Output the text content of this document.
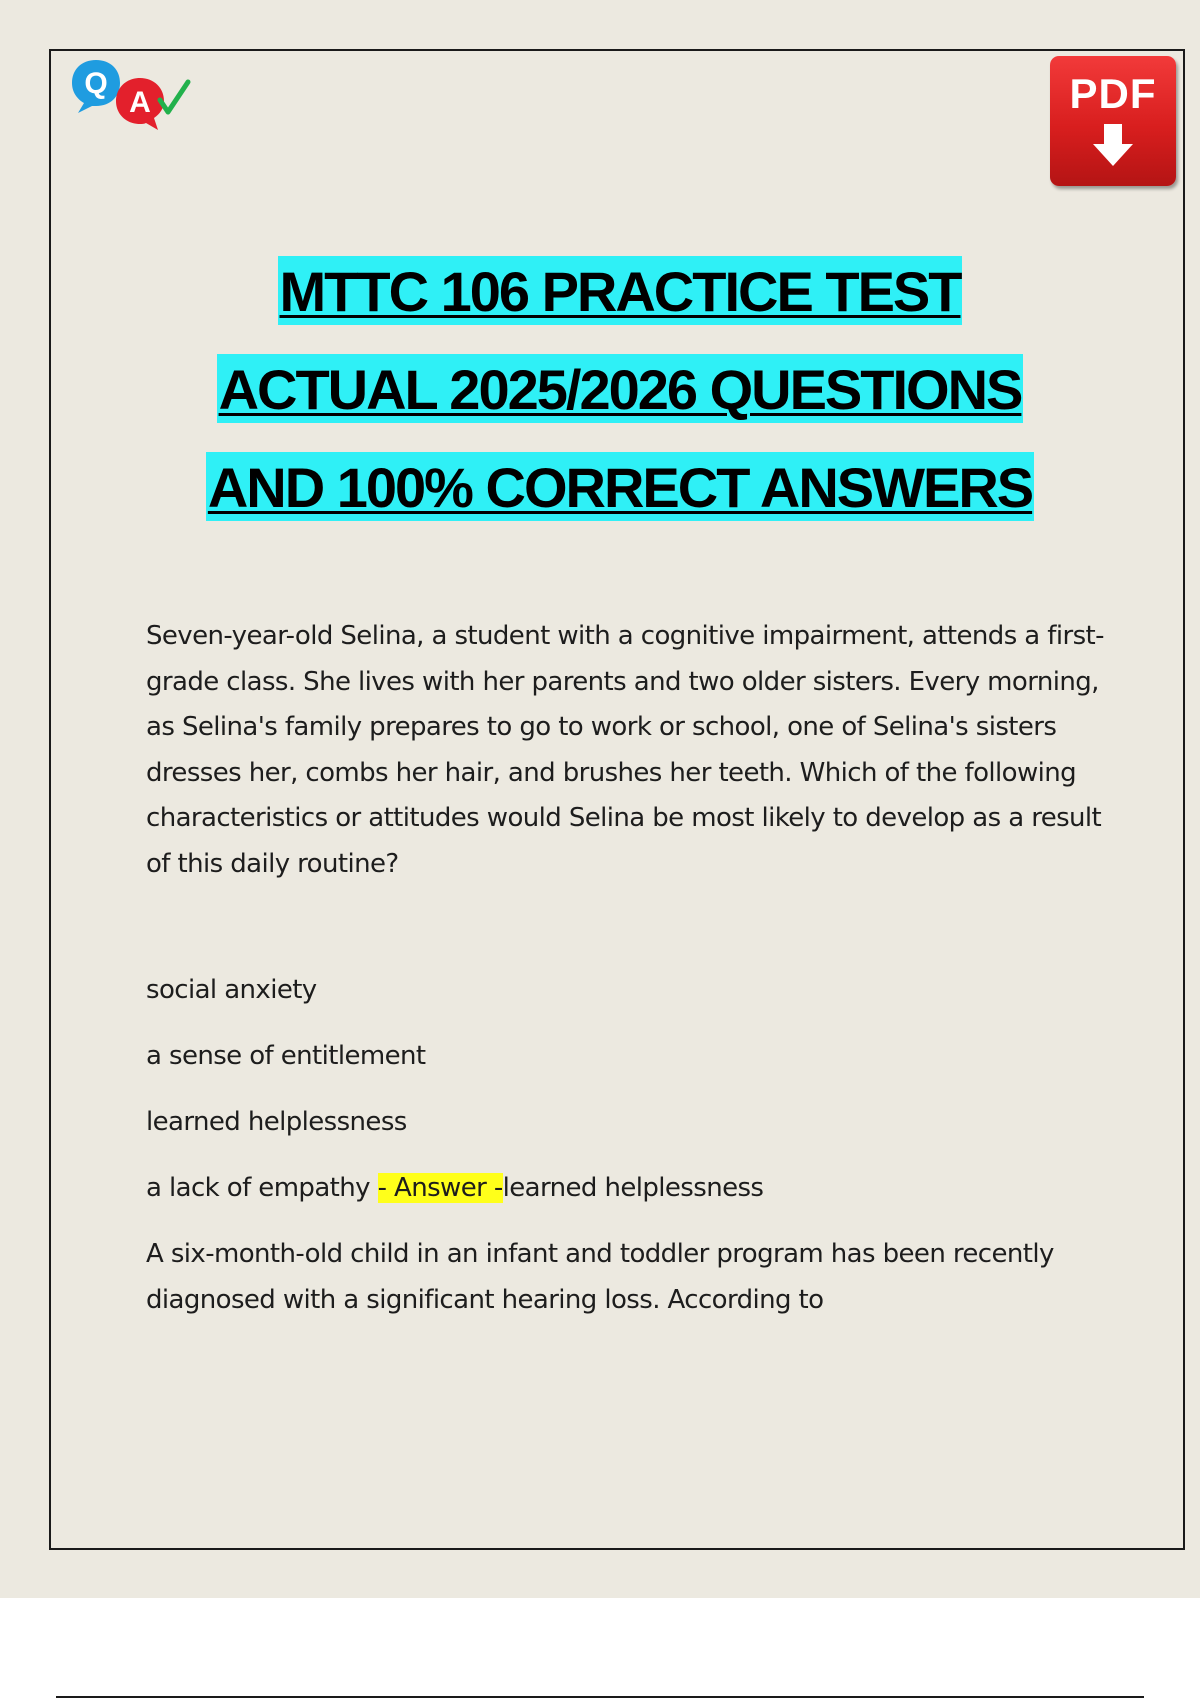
Q
A	PDF
MTTC 106 PRACTICE TEST
ACTUAL 2025/2026 QUESTIONS
AND 100% CORRECT ANSWERS
Seven-year-old Selina, a student with a cognitive impairment, attends a first-grade class. She lives with her parents and two older sisters. Every morning, as Selina's family prepares to go to work or school, one of Selina's sisters dresses her, combs her hair, and brushes her teeth. Which of the following characteristics or attitudes would Selina be most likely to develop as a result of this daily routine?
social anxiety
a sense of entitlement
learned helplessness
a lack of empathy - Answer -learned helplessness
A six-month-old child in an infant and toddler program has been recently diagnosed with a significant hearing loss. According to
